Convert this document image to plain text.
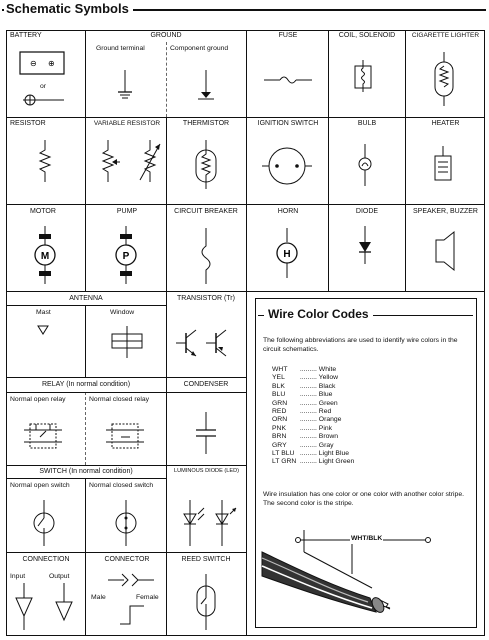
Schematic Symbols
BATTERY	GROUND
Ground terminal	Component ground
FUSE	COIL, SOLENOID	CIGARETTE LIGHTER
⊖ ⊕
or
RESISTOR	VARIABLE RESISTOR	THERMISTOR	IGNITION SWITCH	BULB	HEATER
MOTOR	PUMP	CIRCUIT BREAKER	HORN	DIODE	SPEAKER, BUZZER
M	P	H
ANTENNA
Mast	Window
TRANSISTOR (Tr)
RELAY (In normal condition)
Normal open relay	Normal closed relay
CONDENSER
SWITCH (In normal condition)
Normal open switch	Normal closed switch
LUMINOUS DIODE (LED)
CONNECTION	CONNECTOR	REED SWITCH
Input	Output
Male	Female
Wire Color Codes
The following abbreviations are used to identify wire colors in the circuit schematics.
WHT ......... White
YEL ......... Yellow
BLK ......... Black
BLU ......... Blue
GRN ......... Green
RED ......... Red
ORN ......... Orange
PNK ......... Pink
BRN ......... Brown
GRY ......... Gray
LT BLU ......... Light Blue
LT GRN ......... Light Green
Wire insulation has one color or one color with another color stripe. The second color is the stripe.
WHT/BLK
